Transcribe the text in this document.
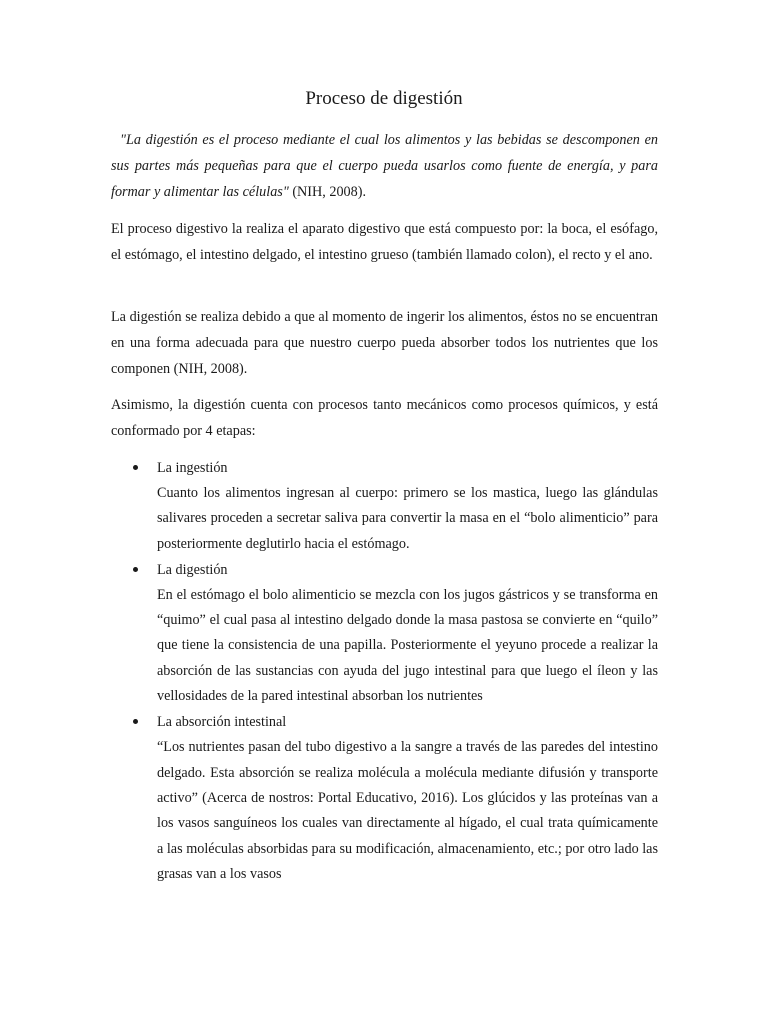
Proceso de digestión

"La digestión es el proceso mediante el cual los alimentos y las bebidas se descomponen en sus partes más pequeñas para que el cuerpo pueda usarlos como fuente de energía, y para formar y alimentar las células" (NIH, 2008).

El proceso digestivo la realiza el aparato digestivo que está compuesto por: la boca, el esófago, el estómago, el intestino delgado, el intestino grueso (también llamado colon), el recto y el ano.

La digestión se realiza debido a que al momento de ingerir los alimentos, éstos no se encuentran en una forma adecuada para que nuestro cuerpo pueda absorber todos los nutrientes que los componen (NIH, 2008).

Asimismo, la digestión cuenta con procesos tanto mecánicos como procesos químicos, y está conformado por 4 etapas:

La ingestión
Cuanto los alimentos ingresan al cuerpo: primero se los mastica, luego las glándulas salivares proceden a secretar saliva para convertir la masa en el “bolo alimenticio” para posteriormente deglutirlo hacia el estómago.
La digestión
En el estómago el bolo alimenticio se mezcla con los jugos gástricos y se transforma en “quimo” el cual pasa al intestino delgado donde la masa pastosa se convierte en “quilo” que tiene la consistencia de una papilla. Posteriormente el yeyuno procede a realizar la absorción de las sustancias con ayuda del jugo intestinal para que luego el íleon y las vellosidades de la pared intestinal absorban los nutrientes
La absorción intestinal
“Los nutrientes pasan del tubo digestivo a la sangre a través de las paredes del intestino delgado. Esta absorción se realiza molécula a molécula mediante difusión y transporte activo” (Acerca de nostros: Portal Educativo, 2016). Los glúcidos y las proteínas van a los vasos sanguíneos los cuales van directamente al hígado, el cual trata químicamente a las moléculas absorbidas para su modificación, almacenamiento, etc.; por otro lado las grasas van a los vasos
